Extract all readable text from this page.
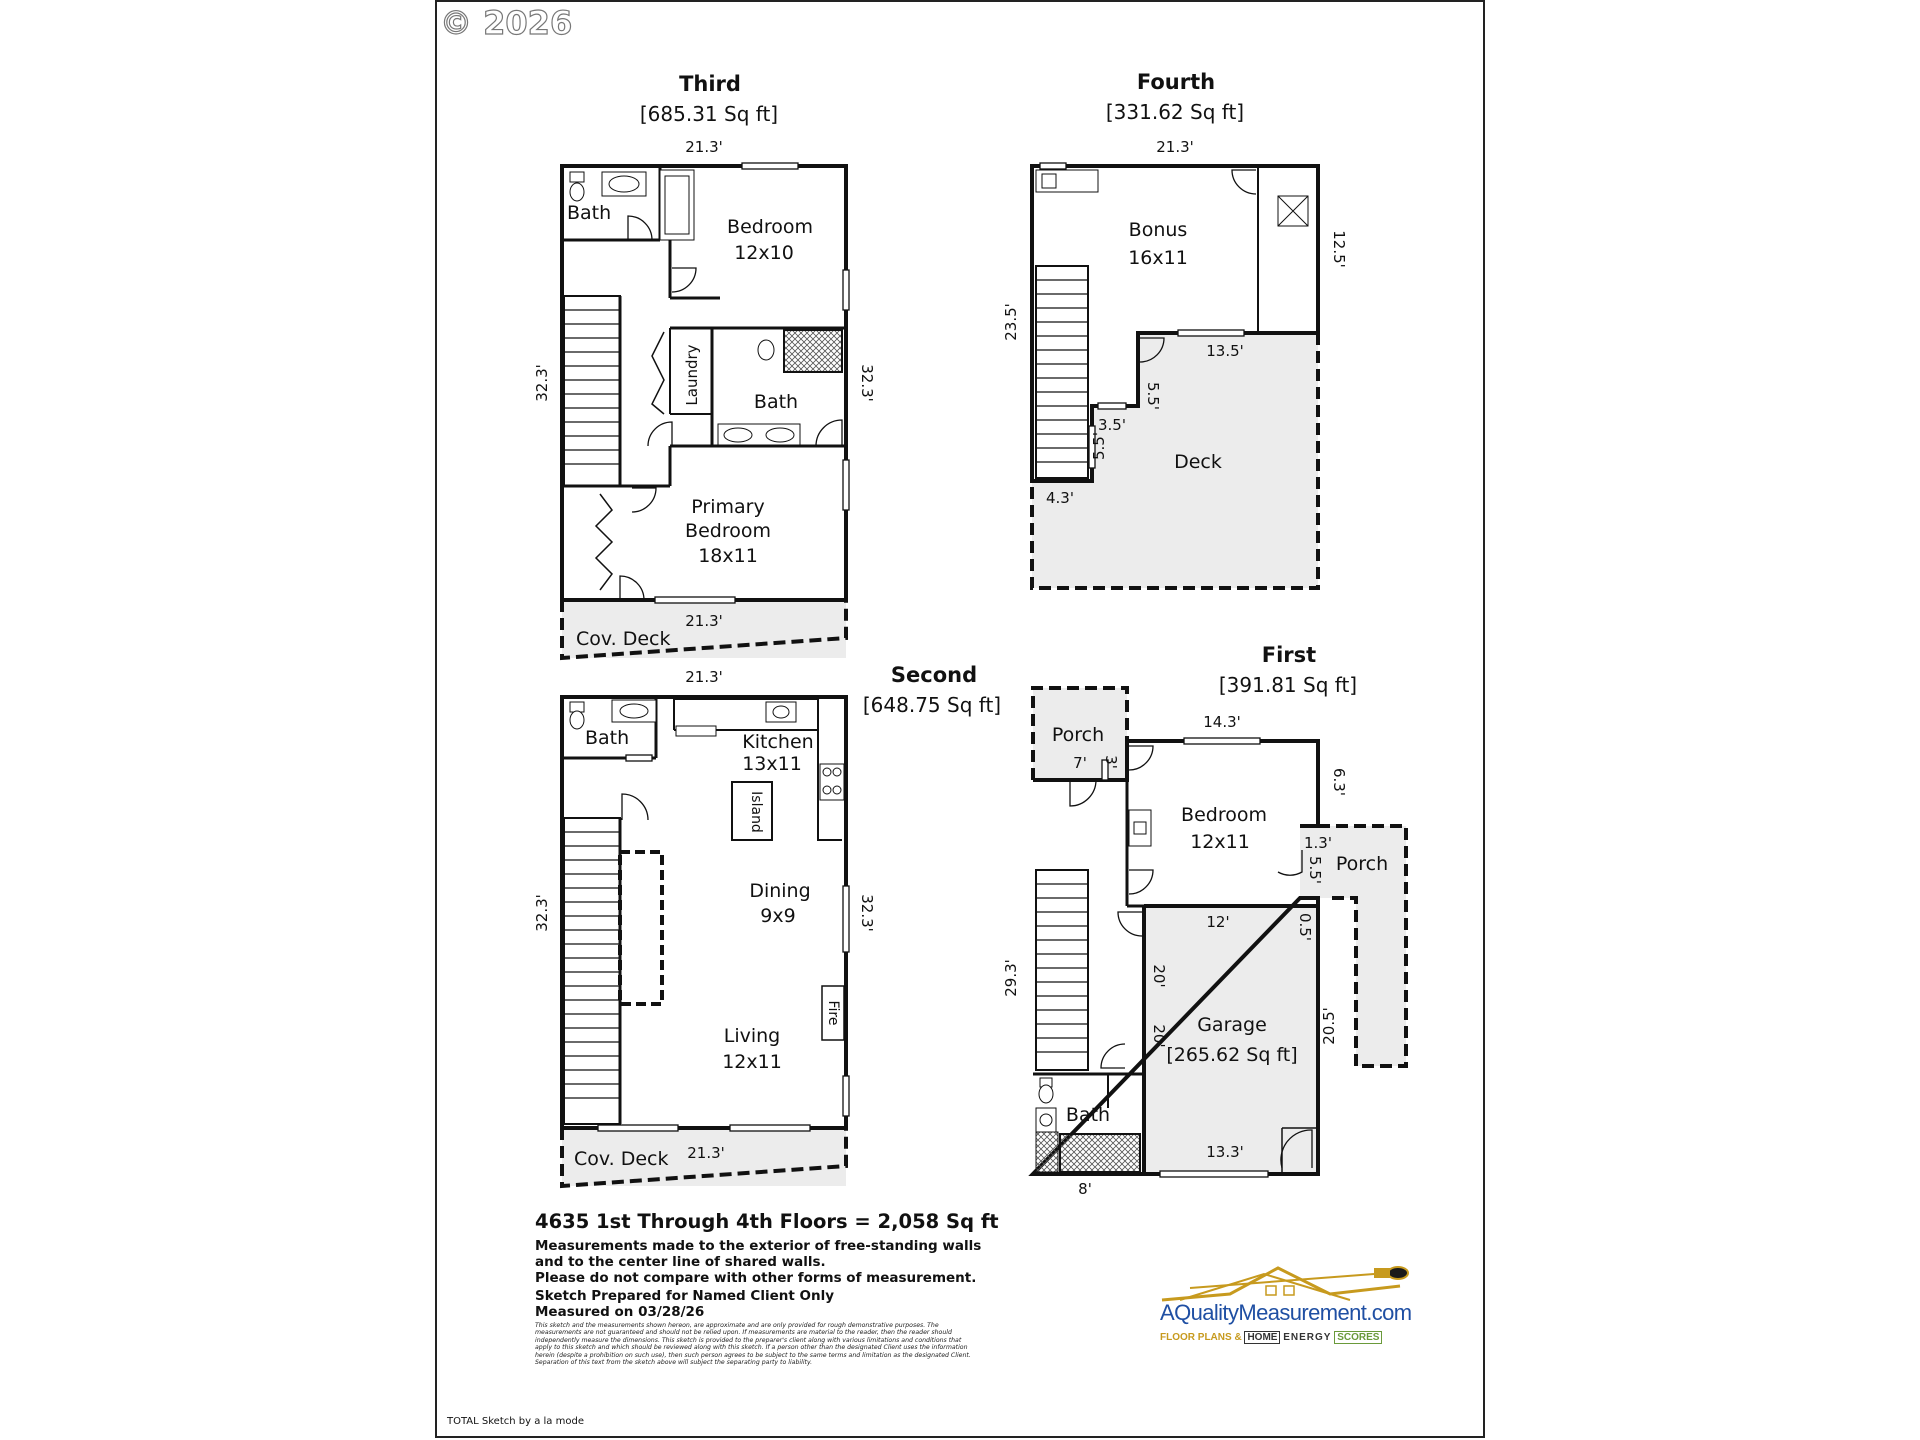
© 2026
Bath
Bedroom
12x10
Laundry	Bath
Primary
Bedroom
18x11
Cov. Deck
21.3'
32.3'	32.3'
21.3'
Bonus
16x11
Deck
21.3'
12.5'
23.5'
13.5'
5.5'
3.5'
5.5'
4.3'
Bath	Kitchen
13x11
Island
Dining
9x9
Fire
Living
12x11
Cov. Deck
21.3'
32.3'	32.3'
21.3'
Porch
Bedroom
12x11
Porch
Garage
[265.62 Sq ft]
Bath
7' 3'
14.3'
6.3'
1.3'
5.5'
12'	0.5'
29.3'	20'
20'	20.5'
13.3'
8'
Third
[685.31 Sq ft]
Fourth
[331.62 Sq ft]
Second
[648.75 Sq ft]
First
[391.81 Sq ft]
TOTAL Sketch by a la mode
4635 1st Through 4th Floors = 2,058 Sq ft
Measurements made to the exterior of free-standing walls
and to the center line of shared walls.
Please do not compare with other forms of measurement.
Sketch Prepared for Named Client Only
Measured on 03/28/26
This sketch and the measurements shown hereon, are approximate and are only provided for rough demonstrative purposes. The measurements are not guaranteed and should not be relied upon. If measurements are material to the reader, then the reader should independently measure the dimensions. This sketch is provided to the preparer's client along with various limitations and conditions that apply to this sketch and which should be reviewed along with this sketch. If a person other than the designated Client uses the information herein (despite a prohibition on such use), then such person agrees to be subject to the same terms and limitation as the designated Client. Separation of this text from the sketch above will subject the separating party to liability.
AQualityMeasurement.com
FLOOR PLANS & HOME ENERGY SCORES
